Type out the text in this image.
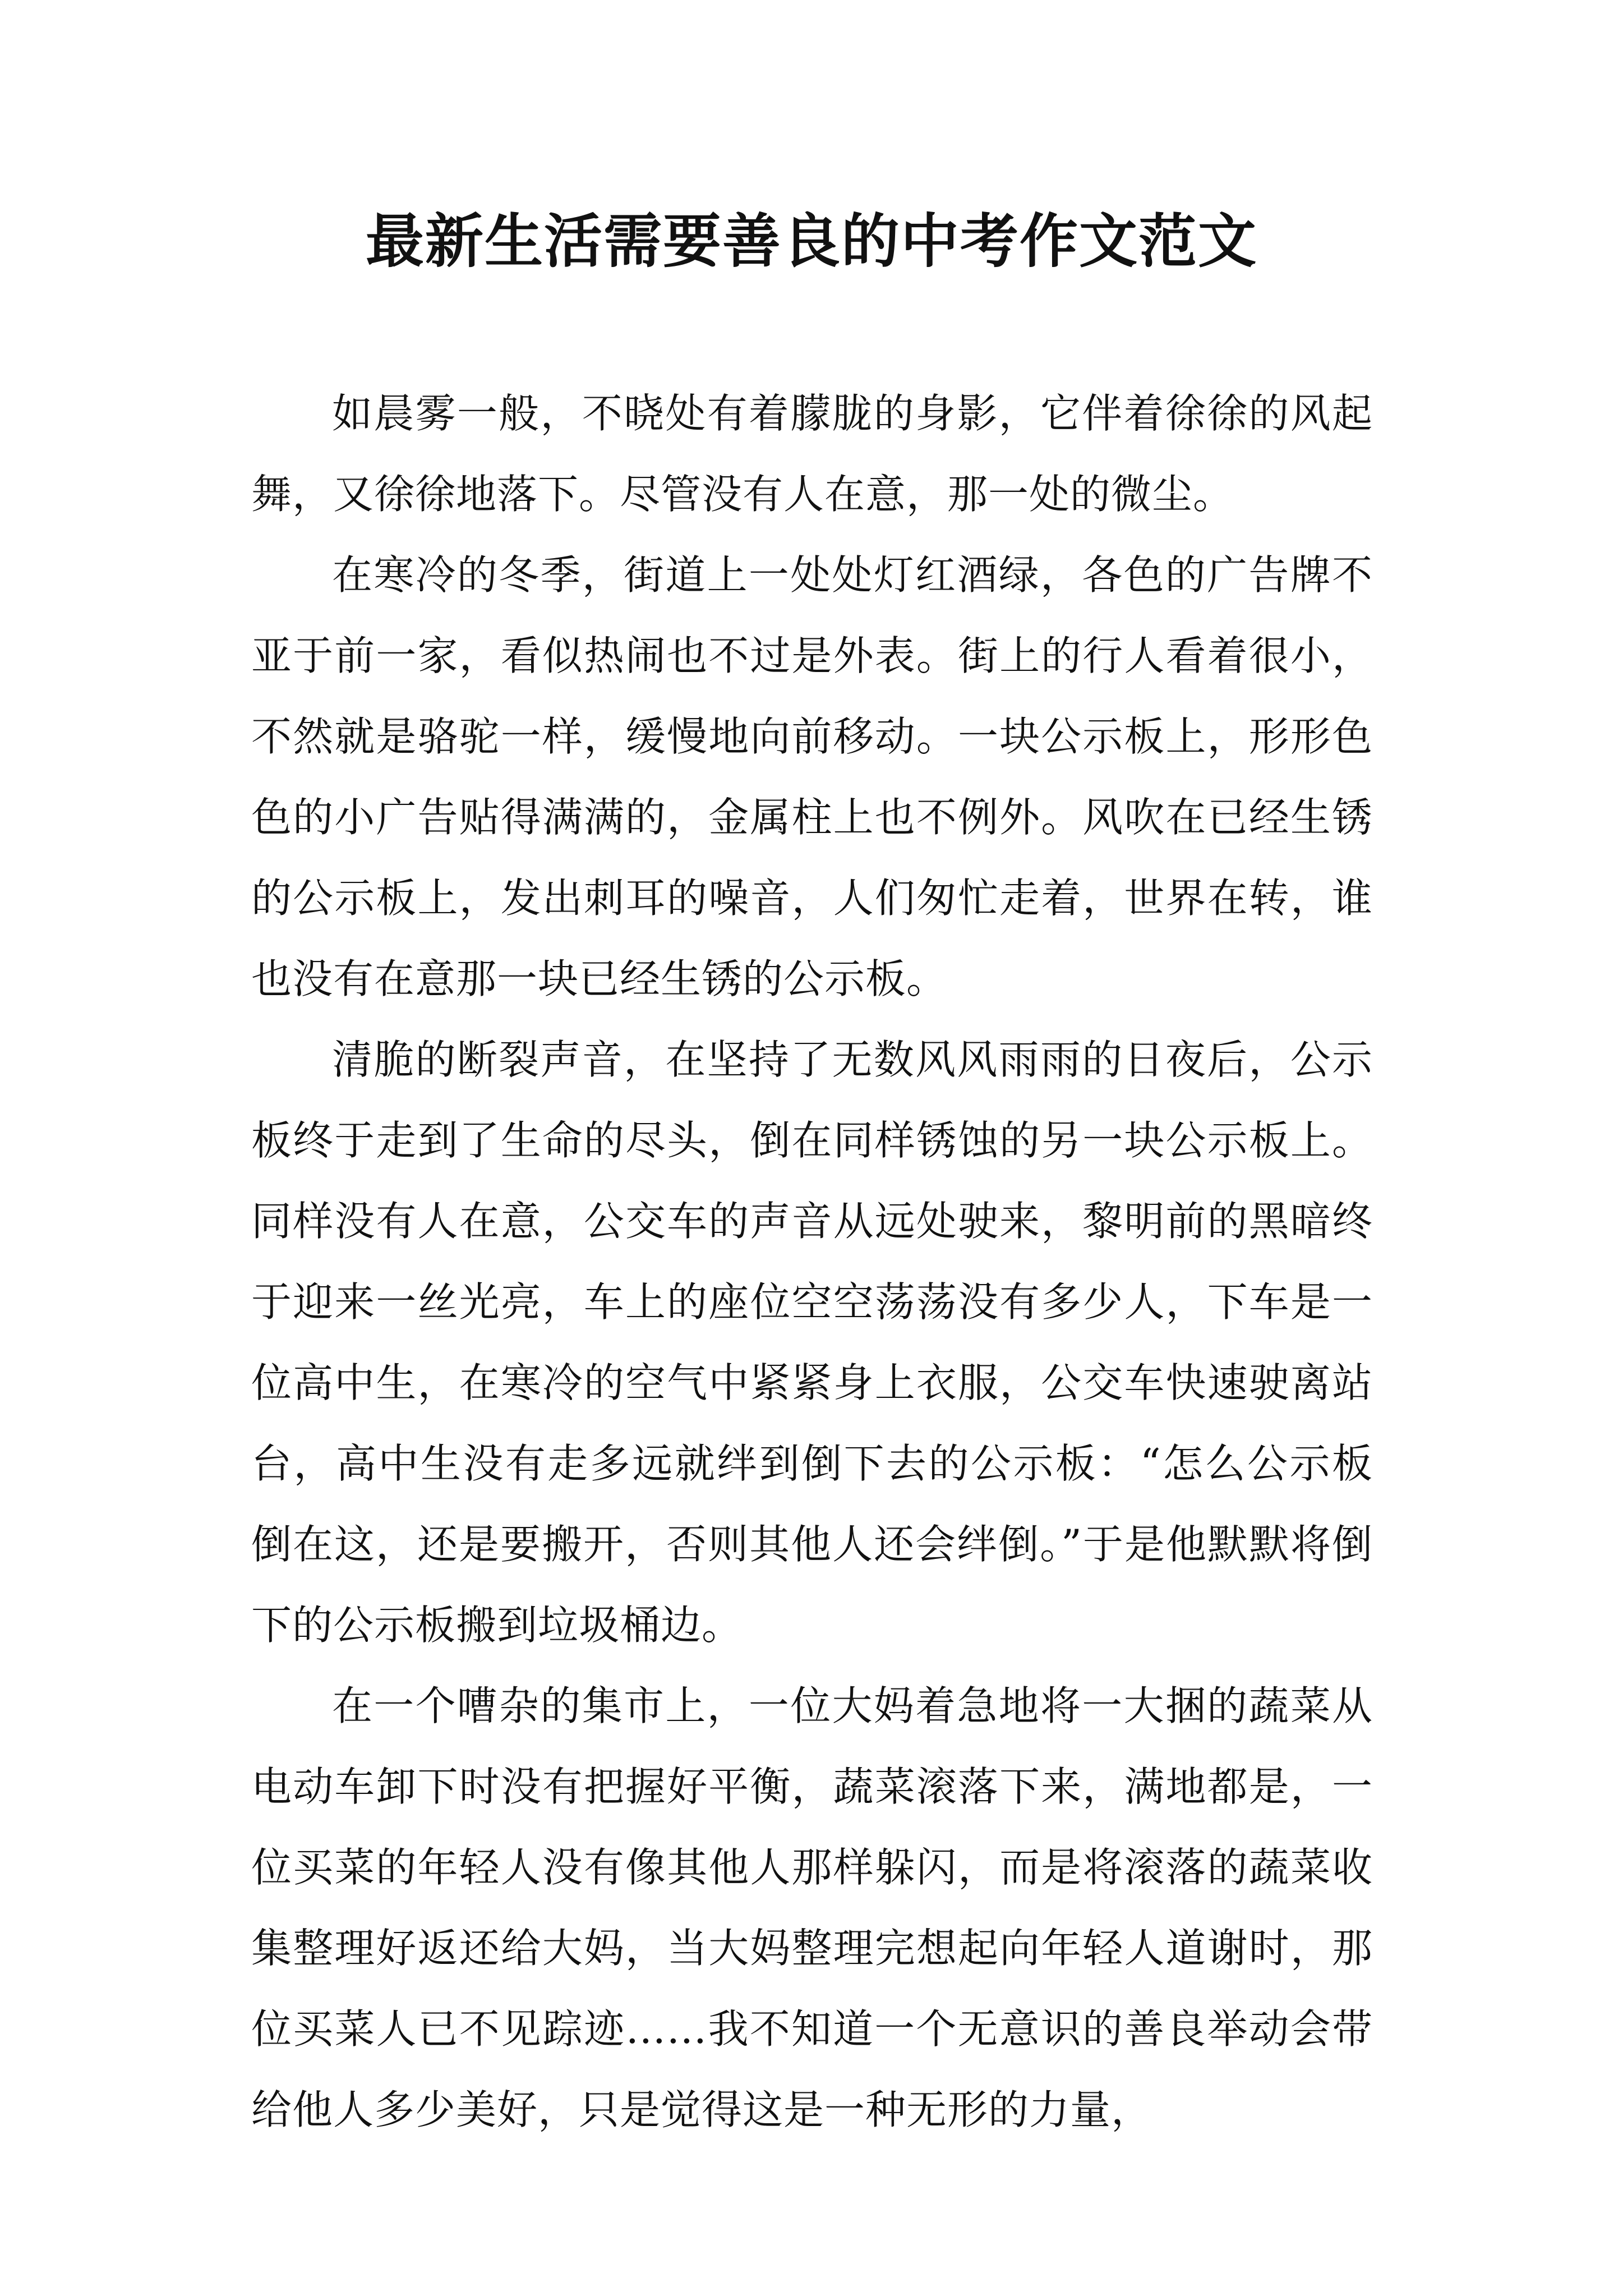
最新生活需要善良的中考作文范文

如晨雾一般，不晓处有着朦胧的身影，它伴着徐徐的风起舞，又徐徐地落下。尽管没有人在意，那一处的微尘。

在寒冷的冬季，街道上一处处灯红酒绿，各色的广告牌不亚于前一家，看似热闹也不过是外表。街上的行人看着很小，不然就是骆驼一样，缓慢地向前移动。一块公示板上，形形色色的小广告贴得满满的，金属柱上也不例外。风吹在已经生锈的公示板上，发出刺耳的噪音，人们匆忙走着，世界在转，谁也没有在意那一块已经生锈的公示板。

清脆的断裂声音，在坚持了无数风风雨雨的日夜后，公示板终于走到了生命的尽头，倒在同样锈蚀的另一块公示板上。同样没有人在意，公交车的声音从远处驶来，黎明前的黑暗终于迎来一丝光亮，车上的座位空空荡荡没有多少人，下车是一位高中生，在寒冷的空气中紧紧身上衣服，公交车快速驶离站台，高中生没有走多远就绊到倒下去的公示板：“怎么公示板倒在这，还是要搬开，否则其他人还会绊倒。”于是他默默将倒下的公示板搬到垃圾桶边。

在一个嘈杂的集市上，一位大妈着急地将一大捆的蔬菜从电动车卸下时没有把握好平衡，蔬菜滚落下来，满地都是，一位买菜的年轻人没有像其他人那样躲闪，而是将滚落的蔬菜收集整理好返还给大妈，当大妈整理完想起向年轻人道谢时，那位买菜人已不见踪迹……我不知道一个无意识的善良举动会带给他人多少美好，只是觉得这是一种无形的力量，
